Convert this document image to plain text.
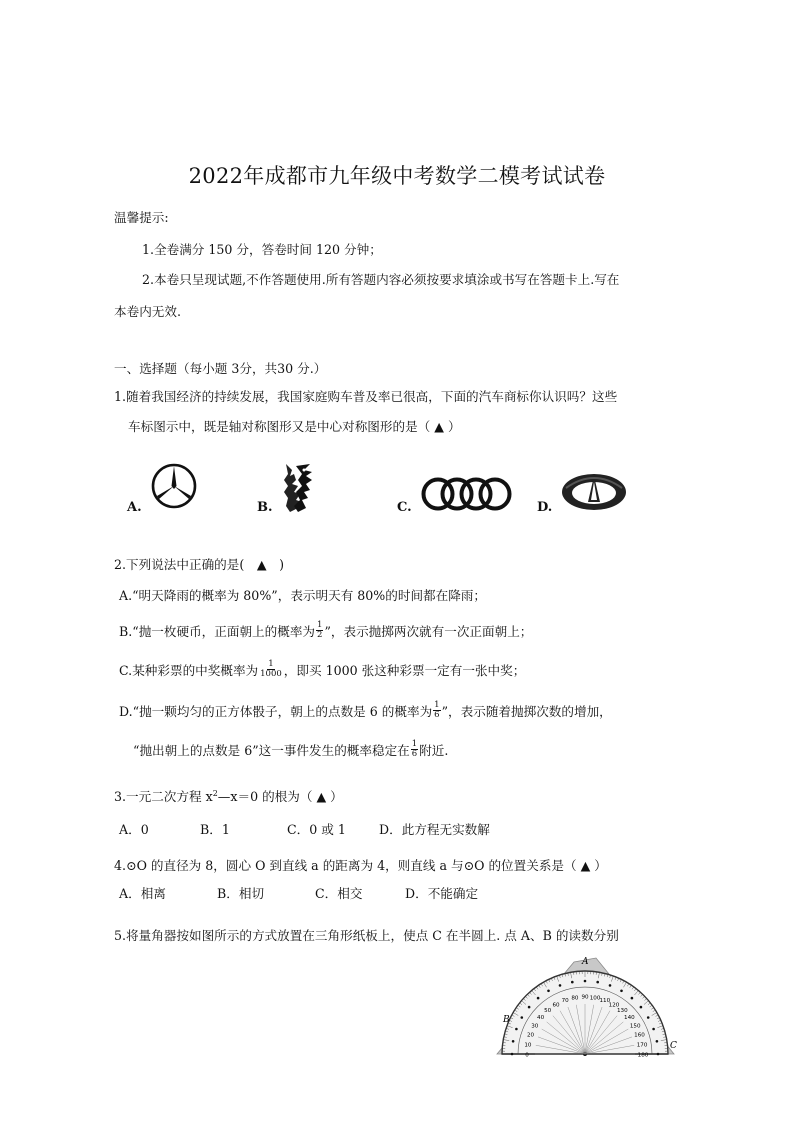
2022年成都市九年级中考数学二模考试试卷
温馨提示:
1.全卷满分 150 分，答卷时间 120 分钟；
2.本卷只呈现试题,不作答题使用.所有答题内容必须按要求填涂或书写在答题卡上.写在
本卷内无效.
一、选择题（每小题 3分，共30 分.）
1.随着我国经济的持续发展，我国家庭购车普及率已很高，下面的汽车商标你认识吗？这些
车标图示中，既是轴对称图形又是中心对称图形的是（ ▲ ）
A.	B.	C.	D.
2.下列说法中正确的是(　▲　)
A.“明天降雨的概率为 80%”，表示明天有 80%的时间都在降雨；
B.“抛一枚硬币，正面朝上的概率为 $\frac{1}{2}$ ”，表示抛掷两次就有一次正面朝上；
C.某种彩票的中奖概率为 $\frac{1}{1000}$ ，即买 1000 张这种彩票一定有一张中奖；
D.“抛一颗均匀的正方体骰子，朝上的点数是 6 的概率为 $\frac{1}{6}$ ”，表示随着抛掷次数的增加，
“抛出朝上的点数是 6”这一事件发生的概率稳定在 $\frac{1}{6}$ 附近.
3.一元二次方程 $x^2—x=0$ 的根为（ ▲ ）
A．0	B．1	C．0 或 1	D．此方程无实数解
4.⊙O 的直径为 8，圆心 O 到直线 a 的距离为 4，则直线 a 与⊙O 的位置关系是（ ▲ ）
A．相离	B．相切	C．相交	D．不能确定
5.将量角器按如图所示的方式放置在三角形纸板上，使点 C 在半圆上. 点 A、B 的读数分别
0
10
20
30
40
50
60
70 80 90 100 110
120
130
140
150
160
170
180
A
B
C
